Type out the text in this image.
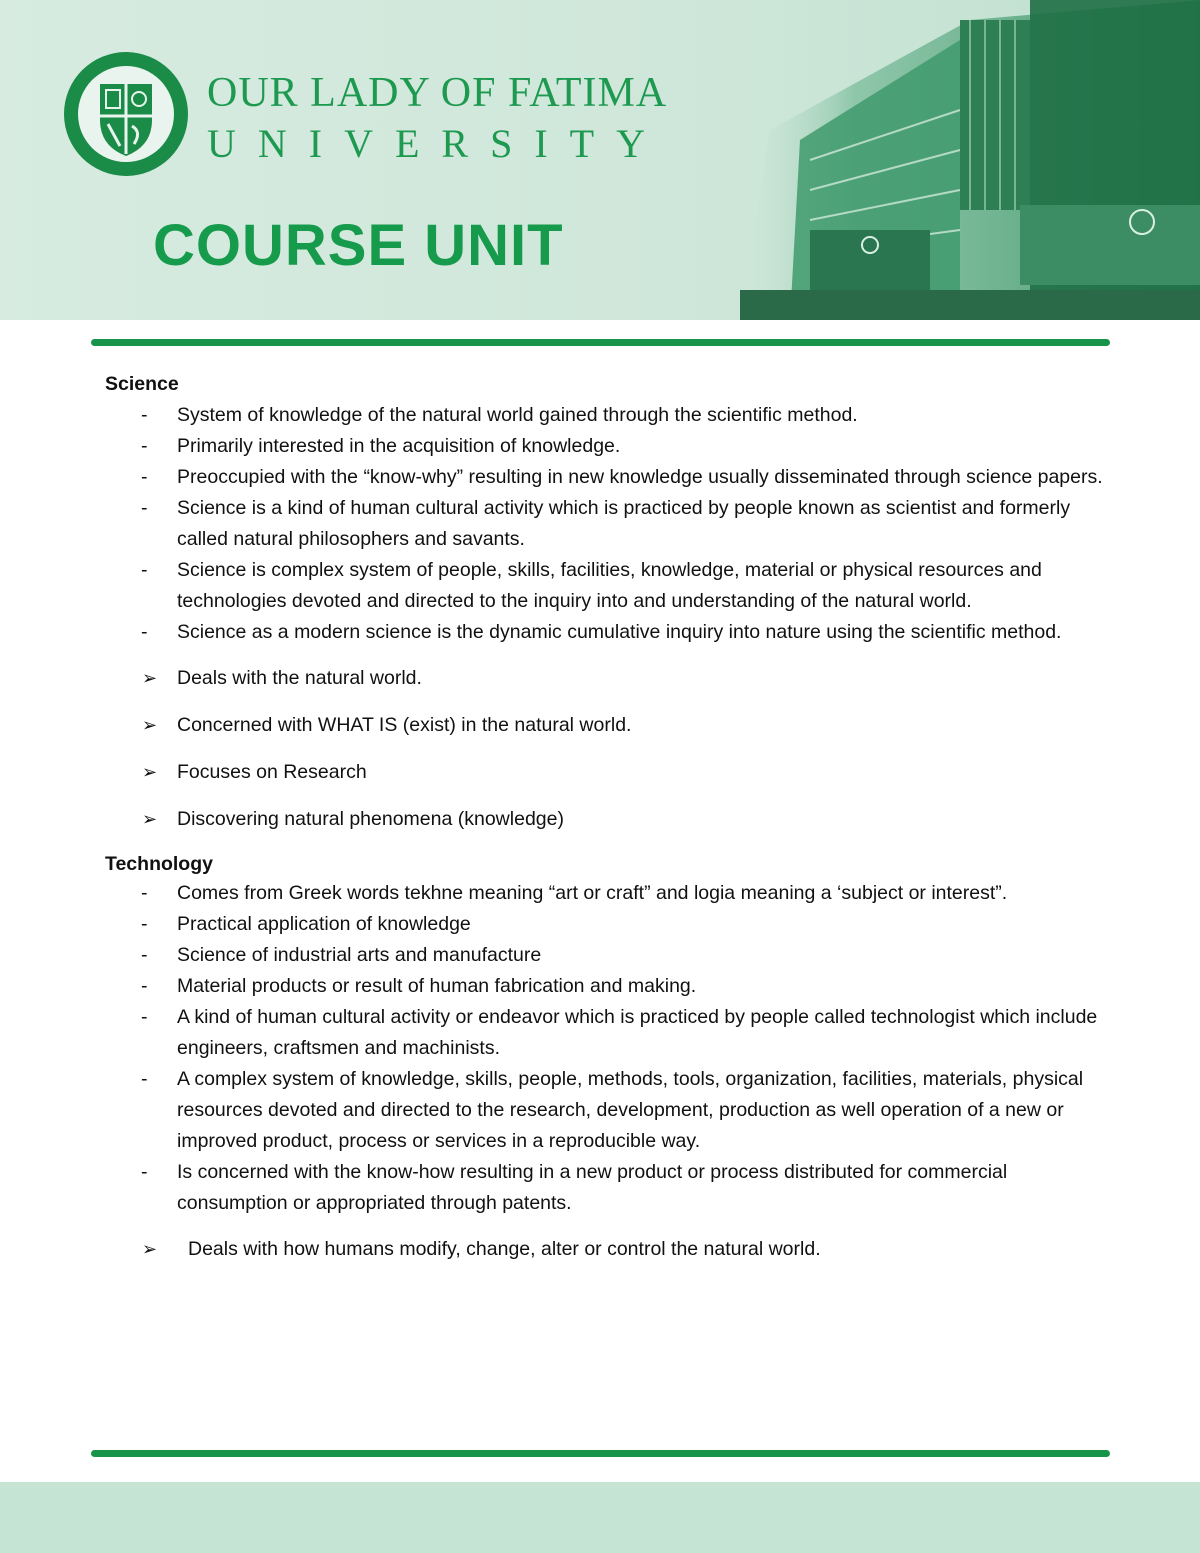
OUR LADY OF FATIMA
UNIVERSITY
COURSE UNIT

Science

- System of knowledge of the natural world gained through the scientific method.
- Primarily interested in the acquisition of knowledge.
- Preoccupied with the “know-why” resulting in new knowledge usually disseminated through science papers.
- Science is a kind of human cultural activity which is practiced by people known as scientist and formerly called natural philosophers and savants.
- Science is complex system of people, skills, facilities, knowledge, material or physical resources and technologies devoted and directed to the inquiry into and understanding of the natural world.
- Science as a modern science is the dynamic cumulative inquiry into nature using the scientific method.
➢ Deals with the natural world.
➢ Concerned with WHAT IS (exist) in the natural world.
➢ Focuses on Research
➢ Discovering natural phenomena (knowledge)

Technology

- Comes from Greek words tekhne meaning “art or craft” and logia meaning a ‘subject or interest”.
- Practical application of knowledge
- Science of industrial arts and manufacture
- Material products or result of human fabrication and making.
- A kind of human cultural activity or endeavor which is practiced by people called technologist which include engineers, craftsmen and machinists.
- A complex system of knowledge, skills, people, methods, tools, organization, facilities, materials, physical resources devoted and directed to the research, development, production as well operation of a new or improved product, process or services in a reproducible way.
- Is concerned with the know-how resulting in a new product or process distributed for commercial consumption or appropriated through patents.
➢ Deals with how humans modify, change, alter or control the natural world.
